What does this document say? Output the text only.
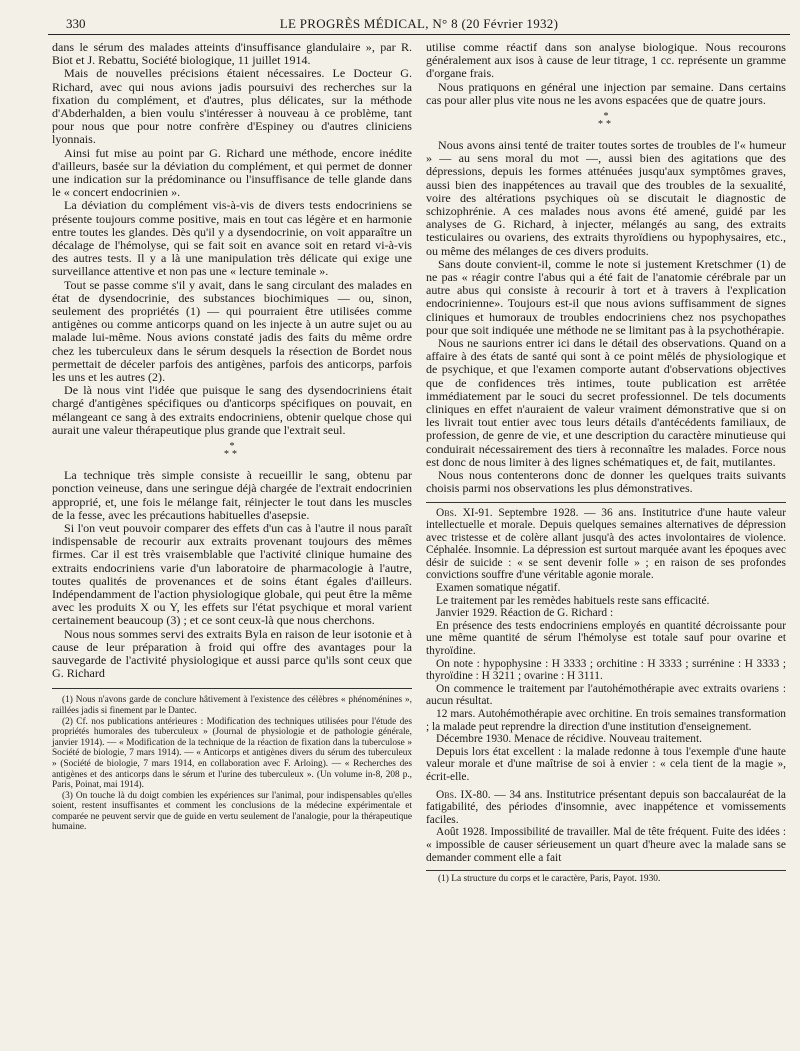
330	LE PROGRÈS MÉDICAL, N° 8 (20 Février 1932)

dans le sérum des malades atteints d'insuffisance glandulaire », par R. Biot et J. Rebattu, Société biologique, 11 juillet 1914.

Mais de nouvelles précisions étaient nécessaires. Le Docteur G. Richard, avec qui nous avions jadis poursuivi des recherches sur la fixation du complément, et d'autres, plus délicates, sur la méthode d'Abderhalden, a bien voulu s'intéresser à nouveau à ce problème, tant pour nous que pour notre confrère d'Espiney ou d'autres cliniciens lyonnais.

Ainsi fut mise au point par G. Richard une méthode, encore inédite d'ailleurs, basée sur la déviation du complément, et qui permet de donner une indication sur la prédominance ou l'insuffisance de telle glande dans le « concert endocrinien ».

La déviation du complément vis-à-vis de divers tests endocriniens se présente toujours comme positive, mais en tout cas légère et en harmonie entre toutes les glandes. Dès qu'il y a dysendocrinie, on voit apparaître un décalage de l'hémolyse, qui se fait soit en avance soit en retard vi-à-vis des autres tests. Il y a là une manipulation très délicate qui exige une surveillance attentive et non pas une « lecture teminale ».

Tout se passe comme s'il y avait, dans le sang circulant des malades en état de dysendocrinie, des substances biochimiques — ou, sinon, seulement des propriétés (1) — qui pourraient être utilisées comme antigènes ou comme anticorps quand on les injecte à un autre sujet ou au malade lui-même. Nous avions constaté jadis des faits du même ordre chez les tuberculeux dans le sérum desquels la résection de Bordet nous permettait de déceler parfois des antigènes, parfois des anticorps, parfois les uns et les autres (2).

De là nous vint l'idée que puisque le sang des dysendocriniens était chargé d'antigènes spécifiques ou d'anticorps spécifiques on pouvait, en mélangeant ce sang à des extraits endocriniens, obtenir quelque chose qui aurait une valeur thérapeutique plus grande que l'extrait seul.

*
**

La technique très simple consiste à recueillir le sang, obtenu par ponction veineuse, dans une seringue déjà chargée de l'extrait endocrinien approprié, et, une fois le mélange fait, réinjecter le tout dans les muscles de la fesse, avec les précautions habituelles d'asepsie.

Si l'on veut pouvoir comparer des effets d'un cas à l'autre il nous paraît indispensable de recourir aux extraits provenant toujours des mêmes firmes. Car il est très vraisemblable que l'activité clinique humaine des extraits endocriniens varie d'un laboratoire de pharmacologie à l'autre, toutes qualités de provenances et de soins étant égales d'ailleurs. Indépendamment de l'action physiologique globale, qui peut être la même avec les produits X ou Y, les effets sur l'état psychique et moral varient certainement beaucoup (3) ; et ce sont ceux-là que nous cherchons.

Nous nous sommes servi des extraits Byla en raison de leur isotonie et à cause de leur préparation à froid qui offre des avantages pour la sauvegarde de l'activité physiologique et aussi parce qu'ils sont ceux que G. Richard

(1) Nous n'avons garde de conclure hâtivement à l'existence des célèbres « phénoménines », raillées jadis si finement par le Dantec.

(2) Cf. nos publications antérieures : Modification des techniques utilisées pour l'étude des propriétés humorales des tuberculeux » (Journal de physiologie et de pathologie générale, janvier 1914). — « Modification de la technique de la réaction de fixation dans la tuberculose » Société de biologie, 7 mars 1914). — « Anticorps et antigènes divers du sérum des tuberculeux » (Société de biologie, 7 mars 1914, en collaboration avec F. Arloing). — « Recherches des antigènes et des anticorps dans le sérum et l'urine des tuberculeux ». (Un volume in-8, 208 p., Paris, Poinat, mai 1914).

(3) On touche là du doigt combien les expériences sur l'animal, pour indispensables qu'elles soient, restent insuffisantes et comment les conclusions de la médecine expérimentale et comparée ne peuvent servir que de guide en vertu seulement de l'analogie, pour la thérapeutique humaine.

utilise comme réactif dans son analyse biologique. Nous recourons généralement aux isos à cause de leur titrage, 1 cc. représente un gramme d'organe frais.

Nous pratiquons en général une injection par semaine. Dans certains cas pour aller plus vite nous ne les avons espacées que de quatre jours.

*
**

Nous avons ainsi tenté de traiter toutes sortes de troubles de l'« humeur » — au sens moral du mot —, aussi bien des agitations que des dépressions, depuis les formes atténuées jusqu'aux symptômes graves, aussi bien des inappétences au travail que des troubles de la sexualité, voire des altérations psychiques où se discutait le diagnostic de schizophrénie. A ces malades nous avons été amené, guidé par les analyses de G. Richard, à injecter, mélangés au sang, des extraits testiculaires ou ovariens, des extraits thyroïdiens ou hypophysaires, etc., ou même des mélanges de ces divers produits.

Sans doute convient-il, comme le note si justement Kretschmer (1) de ne pas « réagir contre l'abus qui a été fait de l'anatomie cérébrale par un autre abus qui consiste à recourir à tort et à travers à l'explication endocrinienne». Toujours est-il que nous avions suffisamment de signes cliniques et humoraux de troubles endocriniens chez nos psychopathes pour que soit indiquée une méthode ne se limitant pas à la psychothérapie.

Nous ne saurions entrer ici dans le détail des observations. Quand on a affaire à des états de santé qui sont à ce point mêlés de physiologique et de psychique, et que l'examen comporte autant d'observations objectives que de confidences très intimes, toute publication est arrêtée immédiatement par le souci du secret professionnel. De tels documents cliniques en effet n'auraient de valeur vraiment démonstrative que si on les livrait tout entier avec tous leurs détails d'antécédents familiaux, de profession, de genre de vie, et une description du caractère minutieuse qui conduirait nécessairement des tiers à reconnaître les malades. Force nous est donc de nous limiter à des lignes schématiques et, de fait, mutilantes.

Nous nous contenterons donc de donner les quelques traits suivants choisis parmi nos observations les plus démonstratives.

Obs. XI-91. Septembre 1928. — 36 ans. Institutrice d'une haute valeur intellectuelle et morale. Depuis quelques semaines alternatives de dépression avec tristesse et de colère allant jusqu'à des actes involontaires de violence. Céphalée. Insomnie. La dépression est surtout marquée avant les époques avec désir de suicide : « se sent devenir folle » ; en raison de ses profondes convictions souffre d'une véritable agonie morale.

Examen somatique négatif.

Le traitement par les remèdes habituels reste sans efficacité.

Janvier 1929. Réaction de G. Richard :

En présence des tests endocriniens employés en quantité décroissante pour une même quantité de sérum l'hémolyse est totale sauf pour ovarine et thyroïdine.

On note : hypophysine : H 3333 ; orchitine : H 3333 ; surrénine : H 3333 ; thyroïdine : H 3211 ; ovarine : H 3111.

On commence le traitement par l'autohémothérapie avec extraits ovariens : aucun résultat.

12 mars. Autohémothérapie avec orchitine. En trois semaines transformation ; la malade peut reprendre la direction d'une institution d'enseignement.

Décembre 1930. Menace de récidive. Nouveau traitement.

Depuis lors état excellent : la malade redonne à tous l'exemple d'une haute valeur morale et d'une maîtrise de soi à envier : « cela tient de la magie », écrit-elle.

Obs. IX-80. — 34 ans. Institutrice présentant depuis son baccalauréat de la fatigabilité, des périodes d'insomnie, avec inappétence et vomissements faciles.

Août 1928. Impossibilité de travailler. Mal de tête fréquent. Fuite des idées : « impossible de causer sérieusement un quart d'heure avec la malade sans se demander comment elle a fait

(1) La structure du corps et le caractère, Paris, Payot. 1930.
